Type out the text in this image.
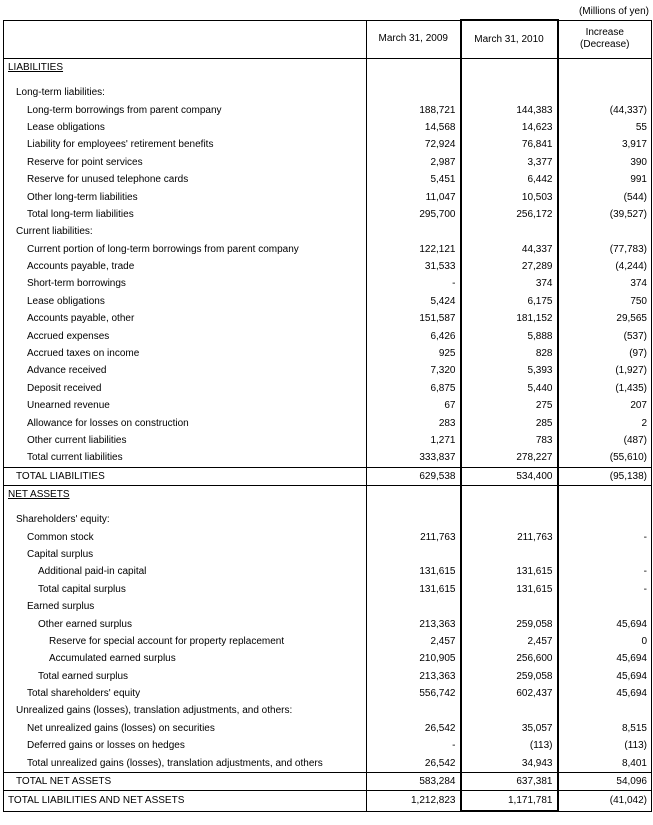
(Millions of yen)
	March 31, 2009	March 31, 2010	Increase
(Decrease)
LIABILITIES			

Long-term liabilities:			
Long-term borrowings from parent company	188,721	144,383	(44,337)
Lease obligations	14,568	14,623	55
Liability for employees' retirement benefits	72,924	76,841	3,917
Reserve for point services	2,987	3,377	390
Reserve for unused telephone cards	5,451	6,442	991
Other long-term liabilities	11,047	10,503	(544)
Total long-term liabilities	295,700	256,172	(39,527)
Current liabilities:			
Current portion of long-term borrowings from parent company	122,121	44,337	(77,783)
Accounts payable, trade	31,533	27,289	(4,244)
Short-term borrowings	-	374	374
Lease obligations	5,424	6,175	750
Accounts payable, other	151,587	181,152	29,565
Accrued expenses	6,426	5,888	(537)
Accrued taxes on income	925	828	(97)
Advance received	7,320	5,393	(1,927)
Deposit received	6,875	5,440	(1,435)
Unearned revenue	67	275	207
Allowance for losses on construction	283	285	2
Other current liabilities	1,271	783	(487)
Total current liabilities	333,837	278,227	(55,610)
TOTAL LIABILITIES	629,538	534,400	(95,138)
NET ASSETS			

Shareholders' equity:			
Common stock	211,763	211,763	-
Capital surplus			
Additional paid-in capital	131,615	131,615	-
Total capital surplus	131,615	131,615	-
Earned surplus			
Other earned surplus	213,363	259,058	45,694
Reserve for special account for property replacement	2,457	2,457	0
Accumulated earned surplus	210,905	256,600	45,694
Total earned surplus	213,363	259,058	45,694
Total shareholders' equity	556,742	602,437	45,694
Unrealized gains (losses), translation adjustments, and others:			
Net unrealized gains (losses) on securities	26,542	35,057	8,515
Deferred gains or losses on hedges	-	(113)	(113)
Total unrealized gains (losses), translation adjustments, and others	26,542	34,943	8,401
TOTAL NET ASSETS	583,284	637,381	54,096
TOTAL LIABILITIES AND NET ASSETS	1,212,823	1,171,781	(41,042)
